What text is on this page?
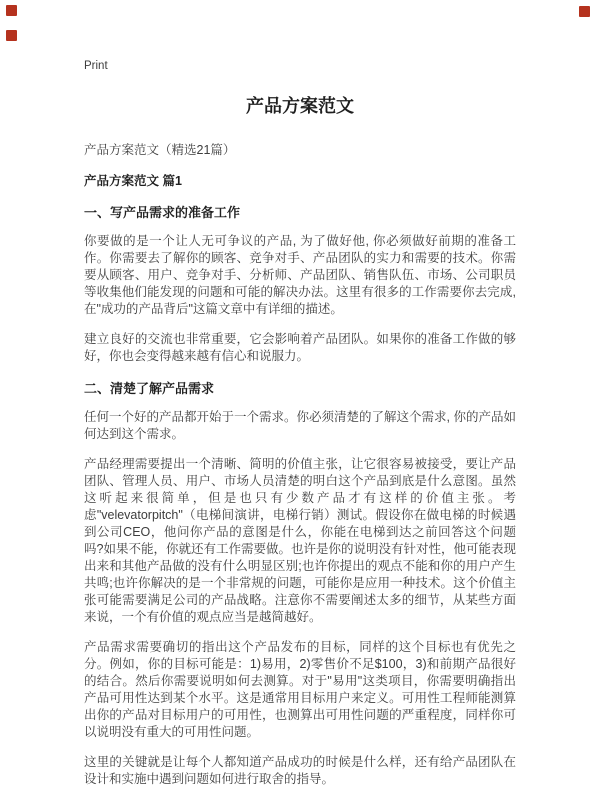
Print
产品方案范文
产品方案范文（精选21篇）
产品方案范文 篇1
一、写产品需求的准备工作

你要做的是一个让人无可争议的产品, 为了做好他, 你必须做好前期的准备工作。你需要去了解你的顾客、竞争对手、产品团队的实力和需要的技术。你需要从顾客、用户、竞争对手、分析师、产品团队、销售队伍、市场、公司职员等收集他们能发现的问题和可能的解决办法。这里有很多的工作需要你去完成,在"成功的产品背后"这篇文章中有详细的描述。

建立良好的交流也非常重要，它会影响着产品团队。如果你的准备工作做的够好，你也会变得越来越有信心和说服力。

二、清楚了解产品需求

任何一个好的产品都开始于一个需求。你必须清楚的了解这个需求, 你的产品如何达到这个需求。

产品经理需要提出一个清晰、简明的价值主张，让它很容易被接受，要让产品团队、管理人员、用户、市场人员清楚的明白这个产品到底是什么意图。虽然这听起来很简单，但是也只有少数产品才有这样的价值主张。考虑"velevatorpitch"（电梯间演讲，电梯行销）测试。假设你在做电梯的时候遇到公司CEO，他问你产品的意图是什么，你能在电梯到达之前回答这个问题吗?如果不能，你就还有工作需要做。也许是你的说明没有针对性，他可能表现出来和其他产品做的没有什么明显区别;也许你提出的观点不能和你的用户产生共鸣;也许你解决的是一个非常规的问题，可能你是应用一种技术。这个价值主张可能需要满足公司的产品战略。注意你不需要阐述太多的细节，从某些方面来说，一个有价值的观点应当是越简越好。

产品需求需要确切的指出这个产品发布的目标，同样的这个目标也有优先之分。例如，你的目标可能是：1)易用，2)零售价不足$100，3)和前期产品很好的结合。然后你需要说明如何去测算。对于"易用"这类项目，你需要明确指出产品可用性达到某个水平。这是通常用目标用户来定义。可用性工程师能测算出你的产品对目标用户的可用性，也测算出可用性问题的严重程度，同样你可以说明没有重大的可用性问题。

这里的关键就是让每个人都知道产品成功的时候是什么样，还有给产品团队在设计和实施中遇到问题如何进行取舍的指导。
